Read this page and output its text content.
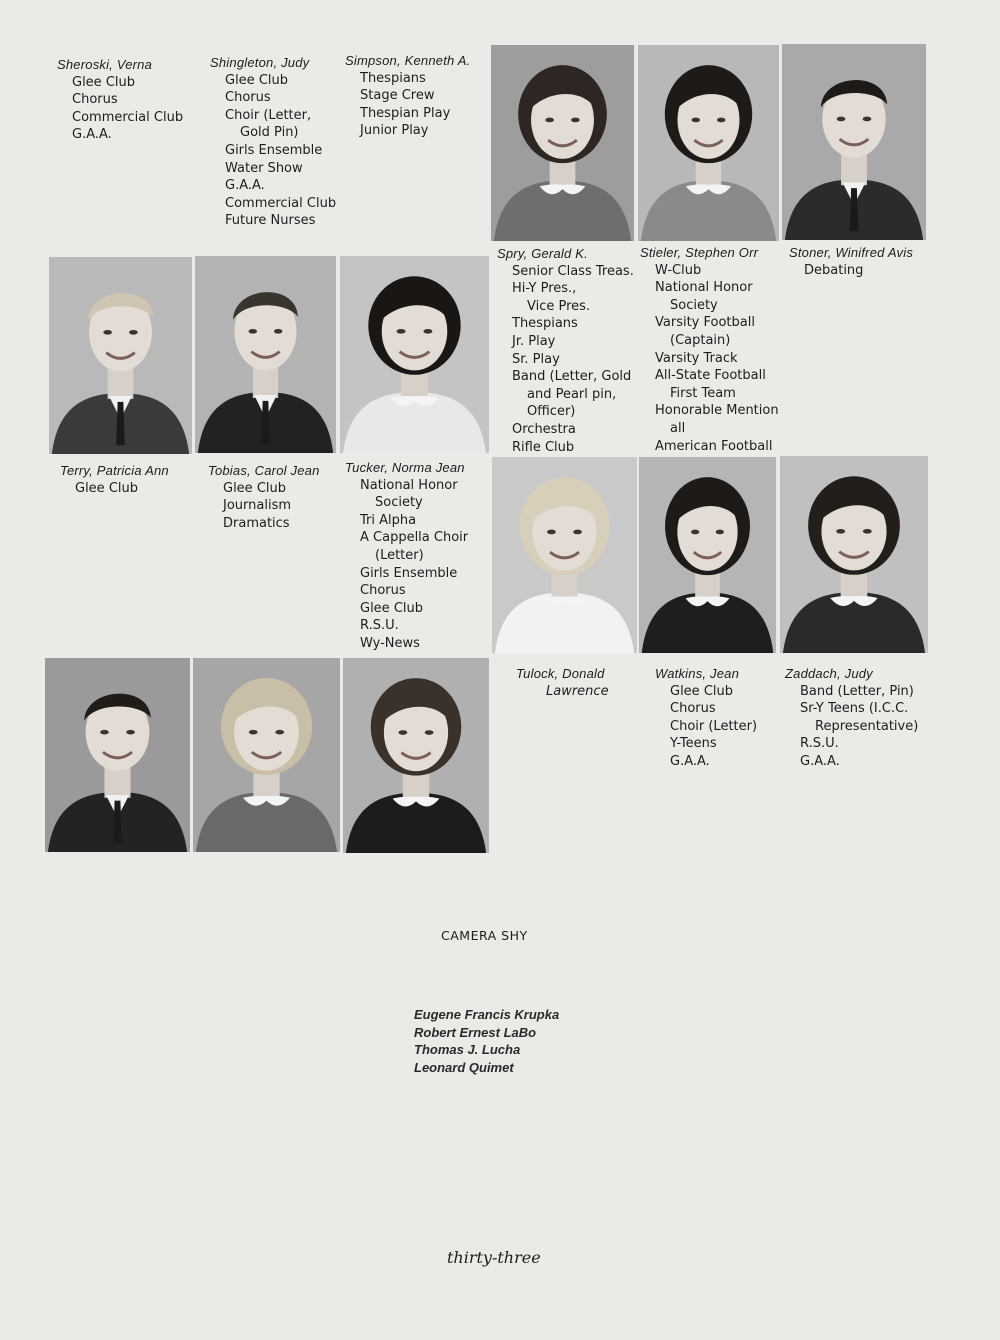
Sheroski, Verna
Glee Club
Chorus
Commercial Club
G.A.A.
Shingleton, Judy
Glee Club
Chorus
Choir (Letter,
Gold Pin)
Girls Ensemble
Water Show
G.A.A.
Commercial Club
Future Nurses
Simpson, Kenneth A.
Thespians
Stage Crew
Thespian Play
Junior Play
Spry, Gerald K.
Senior Class Treas.
Hi-Y Pres.,
Vice Pres.
Thespians
Jr. Play
Sr. Play
Band (Letter, Gold
and Pearl pin,
Officer)
Orchestra
Rifle Club
Stieler, Stephen Orr
W-Club
National Honor
Society
Varsity Football
(Captain)
Varsity Track
All-State Football
First Team
Honorable Mention
all
American Football
Stoner, Winifred Avis
Debating
Terry, Patricia Ann
Glee Club
Tobias, Carol Jean
Glee Club
Journalism
Dramatics
Tucker, Norma Jean
National Honor
Society
Tri Alpha
A Cappella Choir
(Letter)
Girls Ensemble
Chorus
Glee Club
R.S.U.
Wy-News
Tulock, Donald
Lawrence
Watkins, Jean
Glee Club
Chorus
Choir (Letter)
Y-Teens
G.A.A.
Zaddach, Judy
Band (Letter, Pin)
Sr-Y Teens (I.C.C.
Representative)
R.S.U.
G.A.A.
CAMERA SHY
Eugene Francis Krupka
Robert Ernest LaBo
Thomas J. Lucha
Leonard Quimet
thirty-three
